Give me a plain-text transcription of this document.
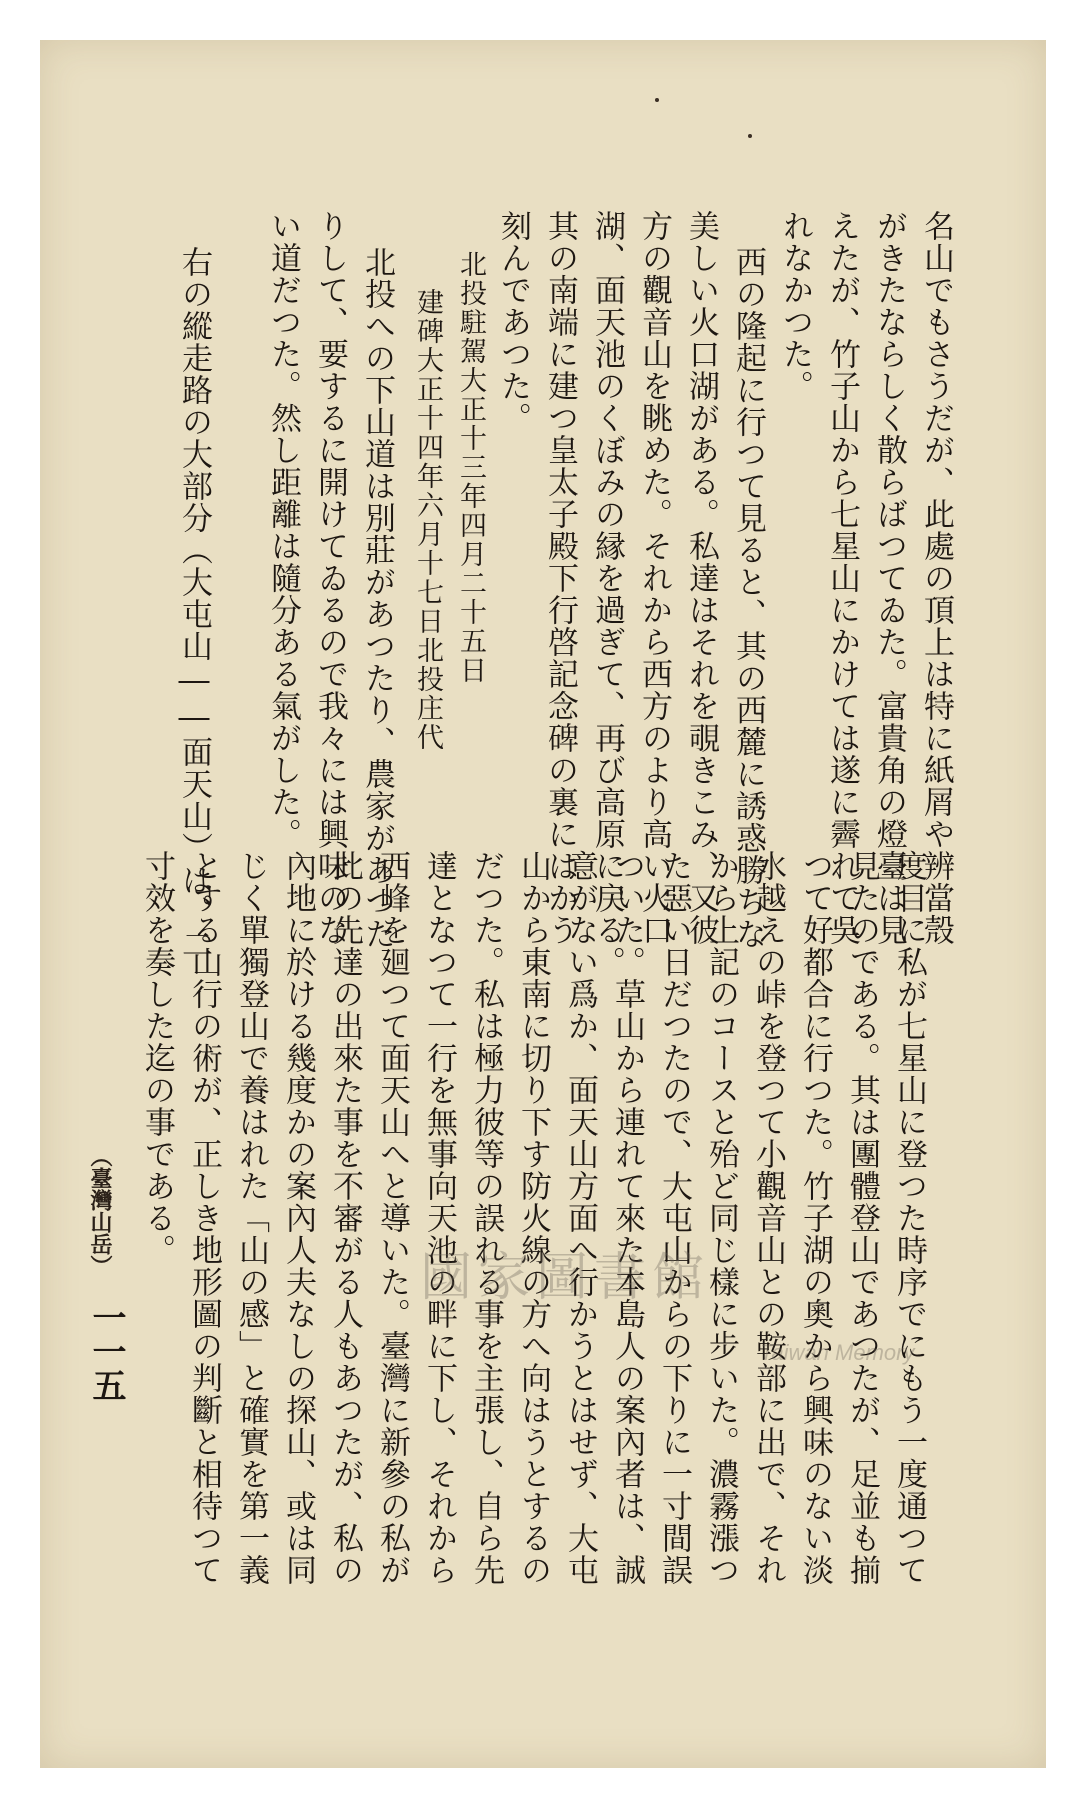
名山でもさうだが、此處の頂上は特に紙屑や辨當殼
がきたならしく散らばつてゐた。富貴角の燈臺は見
えたが、竹子山から七星山にかけては遂に霽れて吳
れなかつた。
西の隆起に行つて見ると、其の西麓に誘惑勝ちな
美しい火口湖がある。私達はそれを覗きこみ、又彼
方の觀音山を眺めた。それから西方のより高い火口
湖、面天池のくぼみの縁を過ぎて、再び高原に戻る。
其の南端に建つ皇太子殿下行啓記念碑の裏にはかう
刻んであつた。
北投駐駕大正十三年四月二十五日
建碑大正十四年六月十七日北投庄代
北投への下山道は別莊があつたり、農家があつた
りして、要するに開けてゐるので我々には興味のな
い道だつた。然し距離は隨分ある氣がした。
右の縱走路の大部分（大屯山――面天山）は、二
度目に私が七星山に登つた時序でにもう一度通つて
見たのである。其は團體登山であつたが、足並も揃
つて好都合に行つた。竹子湖の奧から興味のない淡
水越えの峠を登つて小觀音山との鞍部に出で、それ
から上記のコースと殆ど同じ樣に步いた。濃霧漲つ
た惡い日だつたので、大屯山からの下りに一寸間誤
ついた。草山から連れて來た本島人の案內者は、誠
意がない爲か、面天山方面へ行かうとはせず、大屯
山から東南に切り下す防火線の方へ向はうとするの
だつた。私は極力彼等の誤れる事を主張し、自ら先
達となつて一行を無事向天池の畔に下し、それから
西峰を廻つて面天山へと導いた。臺灣に新參の私が
此の先達の出來た事を不審がる人もあつたが、私の
內地に於ける幾度かの案內人夫なしの探山、或は同
じく單獨登山で養はれた「山の感」と確實を第一義
とする山行の術が、正しき地形圖の判斷と相待つて
寸效を奏した迄の事である。
（臺灣山岳）
一一五
國家圖書館
Taiwan Memory
